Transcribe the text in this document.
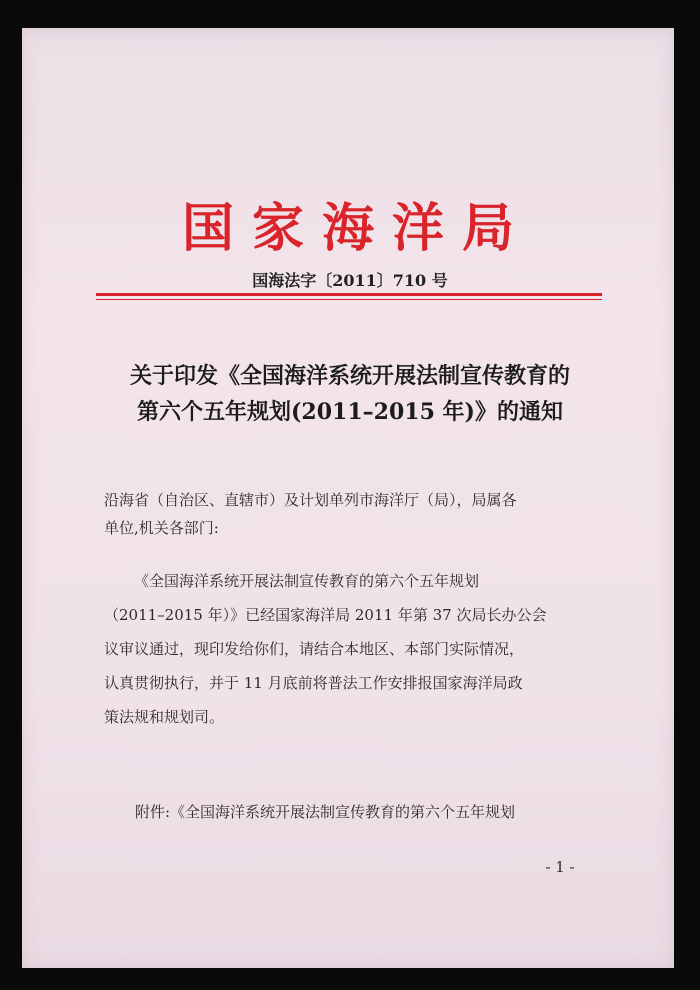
国家海洋局
国海法字〔2011〕710 号
关于印发《全国海洋系统开展法制宣传教育的
第六个五年规划(2011–2015 年)》的通知
沿海省（自治区、直辖市）及计划单列市海洋厅（局），局属各
单位,机关各部门:
《全国海洋系统开展法制宣传教育的第六个五年规划
（2011–2015 年）》已经国家海洋局 2011 年第 37 次局长办公会
议审议通过，现印发给你们，请结合本地区、本部门实际情况，
认真贯彻执行，并于 11 月底前将普法工作安排报国家海洋局政
策法规和规划司。
附件:《全国海洋系统开展法制宣传教育的第六个五年规划
- 1 -
